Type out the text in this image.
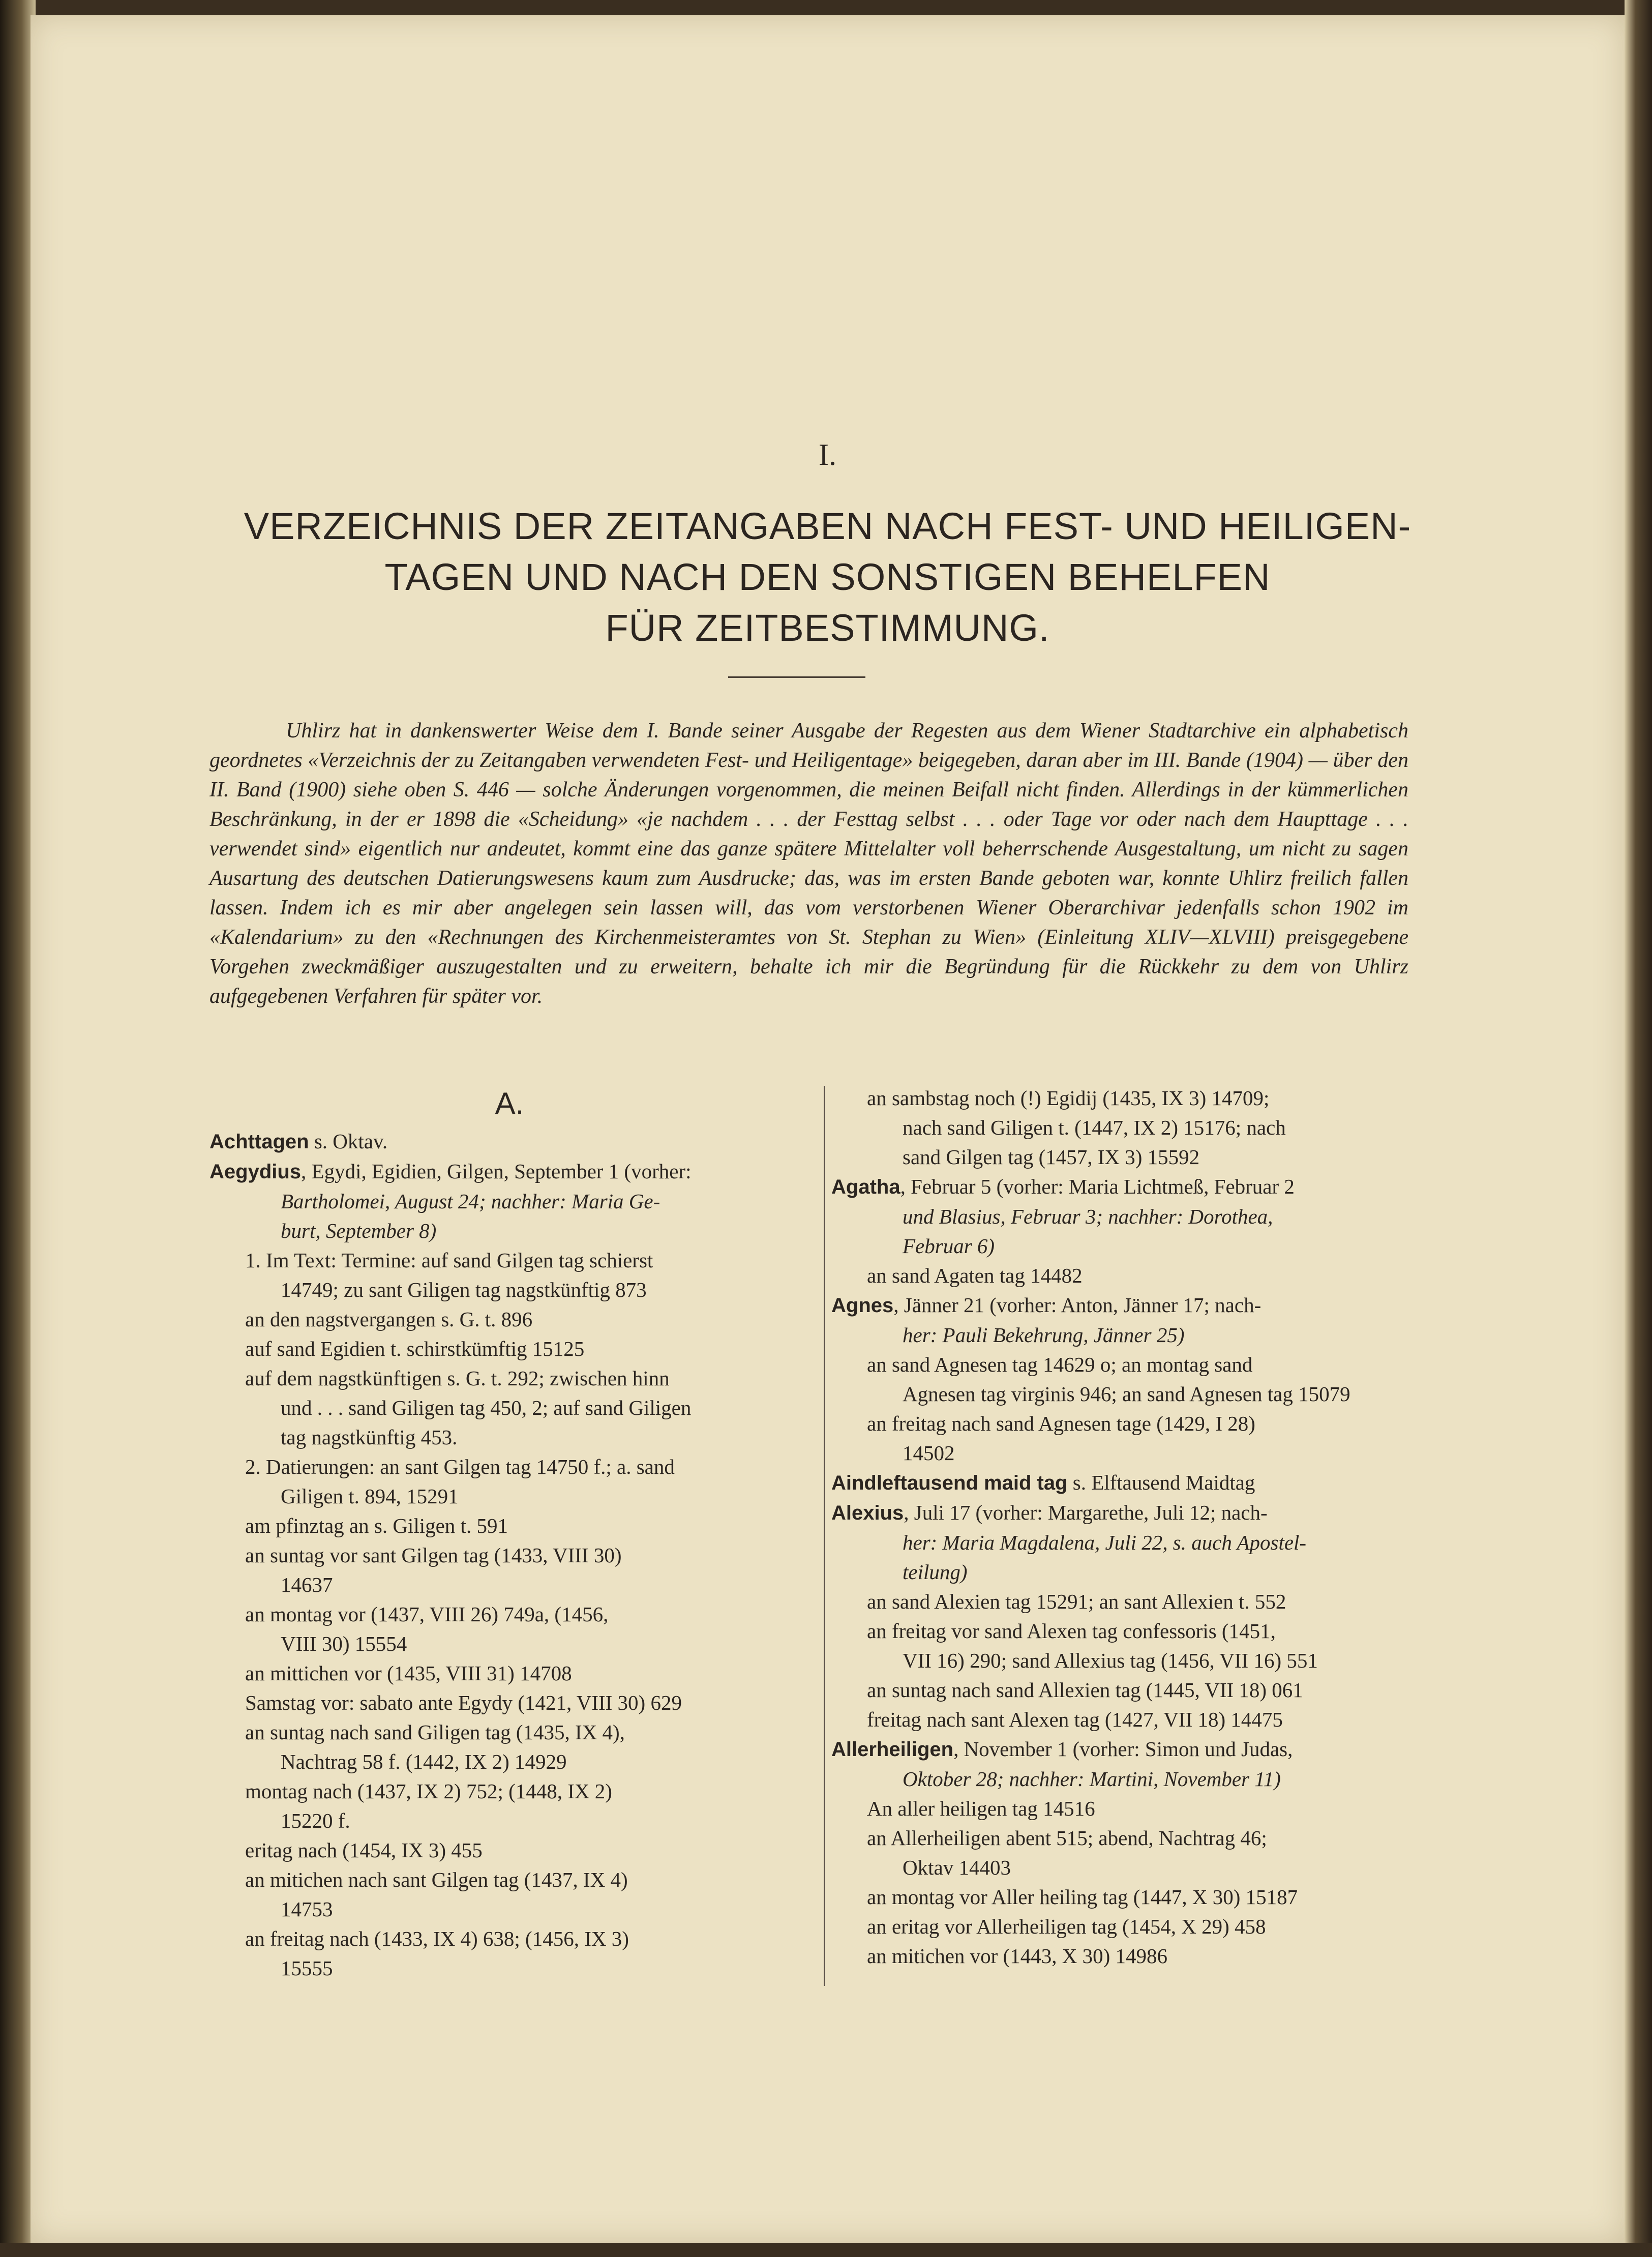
I.
VERZEICHNIS DER ZEITANGABEN NACH FEST- UND HEILIGEN-
TAGEN UND NACH DEN SONSTIGEN BEHELFEN
FÜR ZEITBESTIMMUNG.
Uhlirz hat in dankenswerter Weise dem I. Bande seiner Ausgabe der Regesten aus dem Wiener Stadtarchive ein alphabetisch geordnetes «Verzeichnis der zu Zeitangaben verwendeten Fest- und Heiligentage» beigegeben, daran aber im III. Bande (1904) — über den II. Band (1900) siehe oben S. 446 — solche Änderungen vorgenommen, die meinen Beifall nicht finden. Allerdings in der kümmerlichen Beschränkung, in der er 1898 die «Scheidung» «je nachdem . . . der Festtag selbst . . . oder Tage vor oder nach dem Haupttage . . . verwendet sind» eigentlich nur andeutet, kommt eine das ganze spätere Mittelalter voll beherrschende Ausgestaltung, um nicht zu sagen Ausartung des deutschen Datierungswesens kaum zum Ausdrucke; das, was im ersten Bande geboten war, konnte Uhlirz freilich fallen lassen. Indem ich es mir aber angelegen sein lassen will, das vom verstorbenen Wiener Oberarchivar jedenfalls schon 1902 im «Kalendarium» zu den «Rechnungen des Kirchenmeisteramtes von St. Stephan zu Wien» (Einleitung XLIV—XLVIII) preisgegebene Vorgehen zweckmäßiger auszugestalten und zu erweitern, behalte ich mir die Begründung für die Rückkehr zu dem von Uhlirz aufgegebenen Verfahren für später vor.
A.
Achttagen s. Oktav.
Aegydius, Egydi, Egidien, Gilgen, September 1 (vorher:
Bartholomei, August 24; nachher: Maria Ge-
burt, September 8)
1. Im Text: Termine: auf sand Gilgen tag schierst
14749; zu sant Giligen tag nagstkünftig 873
an den nagstvergangen s. G. t. 896
auf sand Egidien t. schirstkümftig 15125
auf dem nagstkünftigen s. G. t. 292; zwischen hinn
und . . . sand Giligen tag 450, 2; auf sand Giligen
tag nagstkünftig 453.
2. Datierungen: an sant Gilgen tag 14750 f.; a. sand
Giligen t. 894, 15291
am pfinztag an s. Giligen t. 591
an suntag vor sant Gilgen tag (1433, VIII 30)
14637
an montag vor (1437, VIII 26) 749a, (1456,
VIII 30) 15554
an mittichen vor (1435, VIII 31) 14708
Samstag vor: sabato ante Egydy (1421, VIII 30) 629
an suntag nach sand Giligen tag (1435, IX 4),
Nachtrag 58 f. (1442, IX 2) 14929
montag nach (1437, IX 2) 752; (1448, IX 2)
15220 f.
eritag nach (1454, IX 3) 455
an mitichen nach sant Gilgen tag (1437, IX 4)
14753
an freitag nach (1433, IX 4) 638; (1456, IX 3)
15555
an sambstag noch (!) Egidij (1435, IX 3) 14709;
nach sand Giligen t. (1447, IX 2) 15176; nach
sand Gilgen tag (1457, IX 3) 15592
Agatha, Februar 5 (vorher: Maria Lichtmeß, Februar 2
und Blasius, Februar 3; nachher: Dorothea,
Februar 6)
an sand Agaten tag 14482
Agnes, Jänner 21 (vorher: Anton, Jänner 17; nach-
her: Pauli Bekehrung, Jänner 25)
an sand Agnesen tag 14629 o; an montag sand
Agnesen tag virginis 946; an sand Agnesen tag 15079
an freitag nach sand Agnesen tage (1429, I 28)
14502
Aindleftausend maid tag s. Elftausend Maidtag
Alexius, Juli 17 (vorher: Margarethe, Juli 12; nach-
her: Maria Magdalena, Juli 22, s. auch Apostel-
teilung)
an sand Alexien tag 15291; an sant Allexien t. 552
an freitag vor sand Alexen tag confessoris (1451,
VII 16) 290; sand Allexius tag (1456, VII 16) 551
an suntag nach sand Allexien tag (1445, VII 18) 061
freitag nach sant Alexen tag (1427, VII 18) 14475
Allerheiligen, November 1 (vorher: Simon und Judas,
Oktober 28; nachher: Martini, November 11)
An aller heiligen tag 14516
an Allerheiligen abent 515; abend, Nachtrag 46;
Oktav 14403
an montag vor Aller heiling tag (1447, X 30) 15187
an eritag vor Allerheiligen tag (1454, X 29) 458
an mitichen vor (1443, X 30) 14986
